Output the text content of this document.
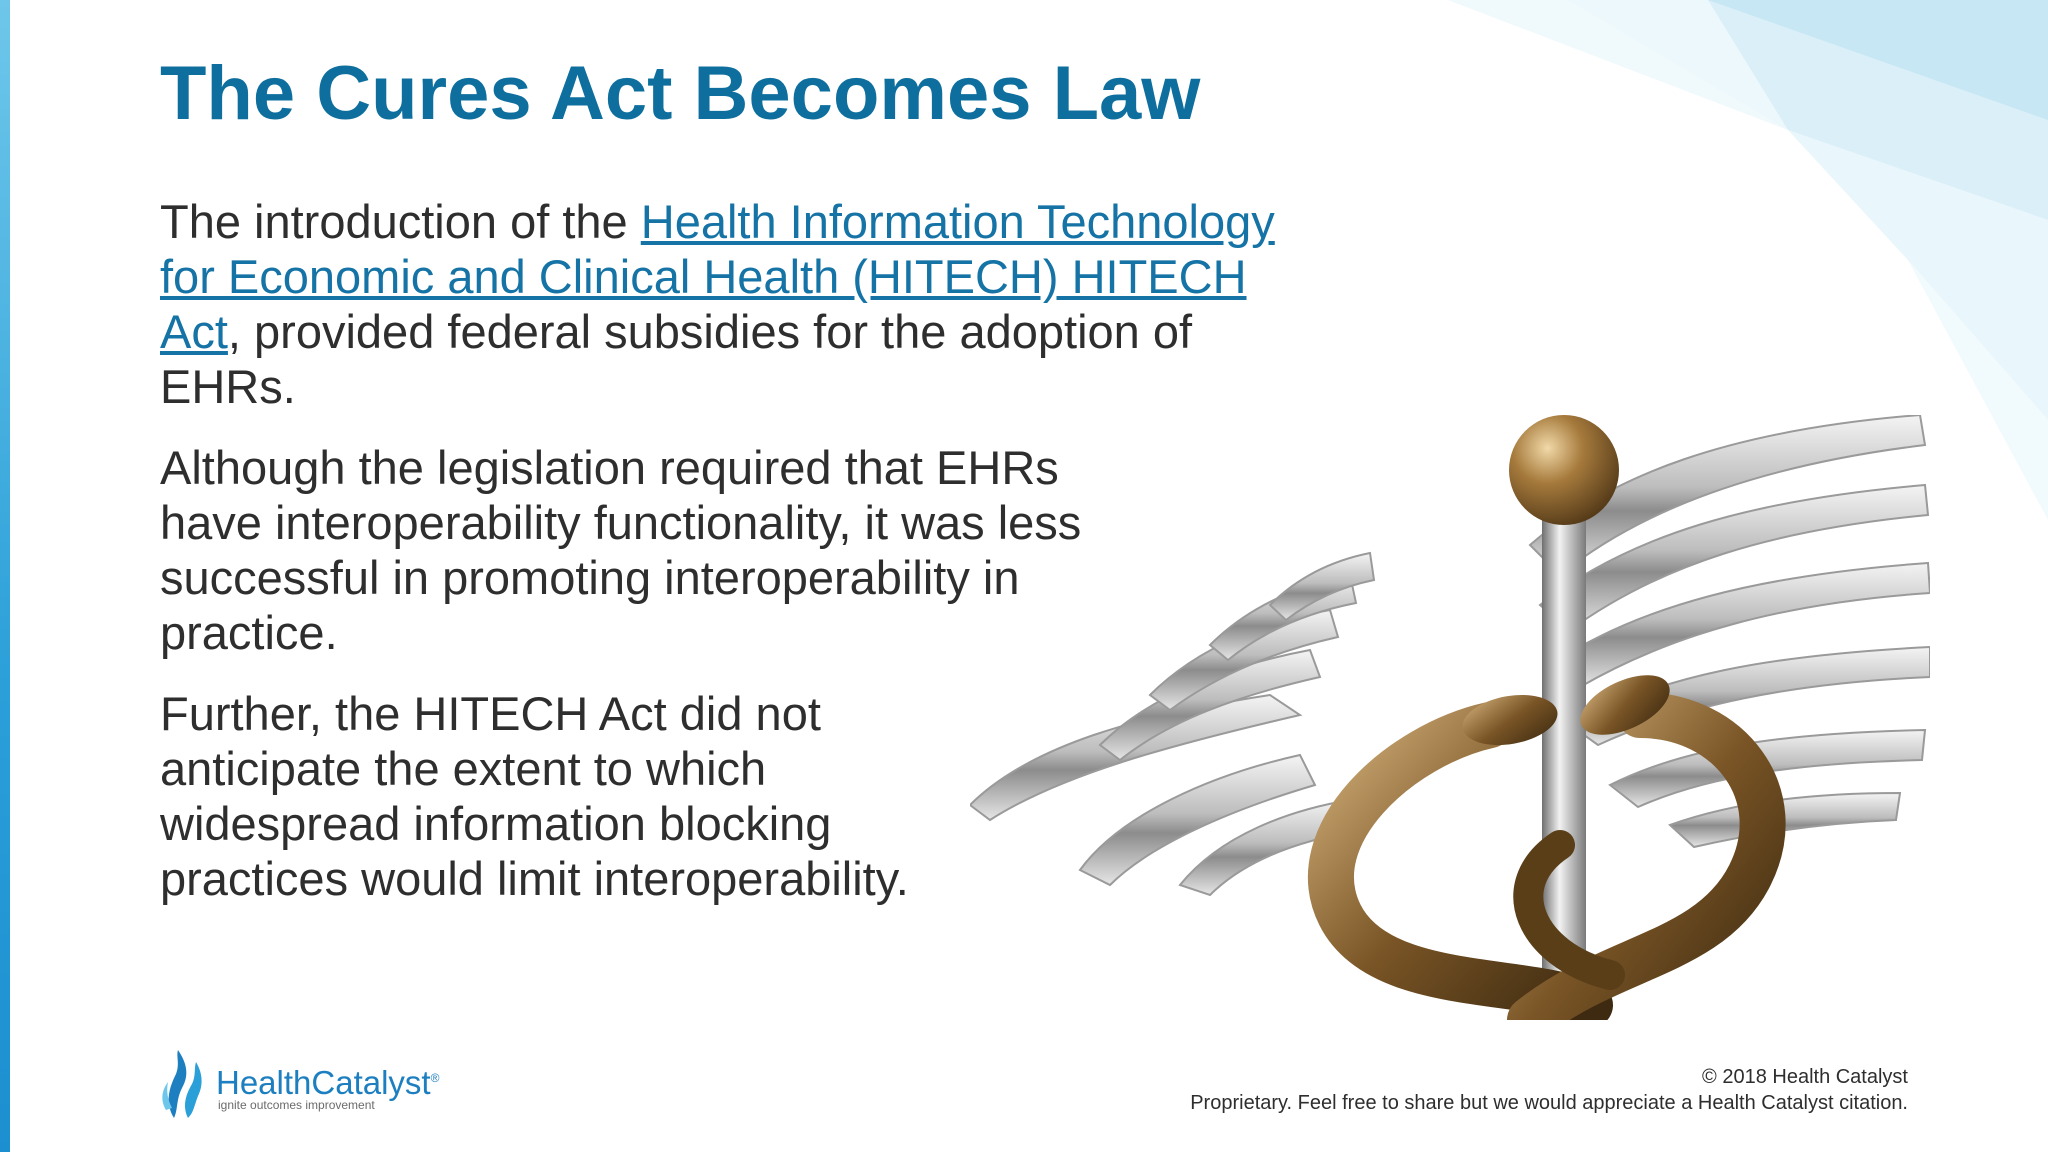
The Cures Act Becomes Law

The introduction of the Health Information Technology for Economic and Clinical Health (HITECH) HITECH Act, provided federal subsidies for the adoption of EHRs.

Although the legislation required that EHRs have interoperability functionality, it was less successful in promoting interoperability in practice.

Further, the HITECH Act did not anticipate the extent to which widespread information blocking practices would limit interoperability.

HealthCatalyst®
ignite outcomes improvement
© 2018 Health Catalyst
Proprietary. Feel free to share but we would appreciate a Health Catalyst citation.
